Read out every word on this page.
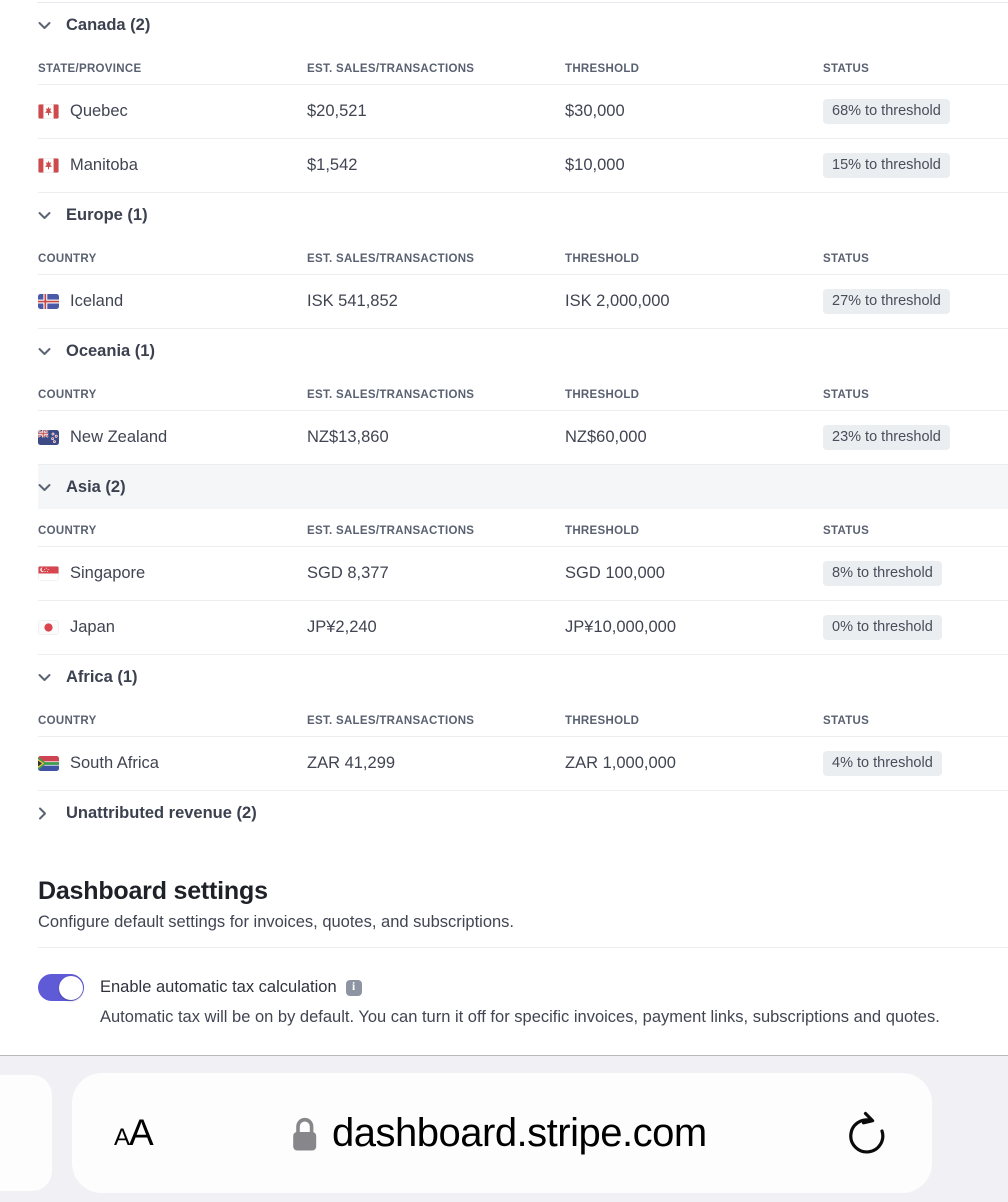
Canada (2)
STATE/PROVINCE	EST. SALES/TRANSACTIONS	THRESHOLD	STATUS
Quebec	$20,521	$30,000	68% to threshold
Manitoba	$1,542	$10,000	15% to threshold
Europe (1)
COUNTRY	EST. SALES/TRANSACTIONS	THRESHOLD	STATUS
Iceland	ISK 541,852	ISK 2,000,000	27% to threshold
Oceania (1)
COUNTRY	EST. SALES/TRANSACTIONS	THRESHOLD	STATUS
New Zealand	NZ$13,860	NZ$60,000	23% to threshold
Asia (2)
COUNTRY	EST. SALES/TRANSACTIONS	THRESHOLD	STATUS
Singapore	SGD 8,377	SGD 100,000	8% to threshold
Japan	JP¥2,240	JP¥10,000,000	0% to threshold
Africa (1)
COUNTRY	EST. SALES/TRANSACTIONS	THRESHOLD	STATUS
South Africa	ZAR 41,299	ZAR 1,000,000	4% to threshold
Unattributed revenue (2)
Dashboard settings

Configure default settings for invoices, quotes, and subscriptions.

Enable automatic tax calculation	i

Automatic tax will be on by default. You can turn it off for specific invoices, payment links, subscriptions and quotes.

A A	dashboard.stripe.com
